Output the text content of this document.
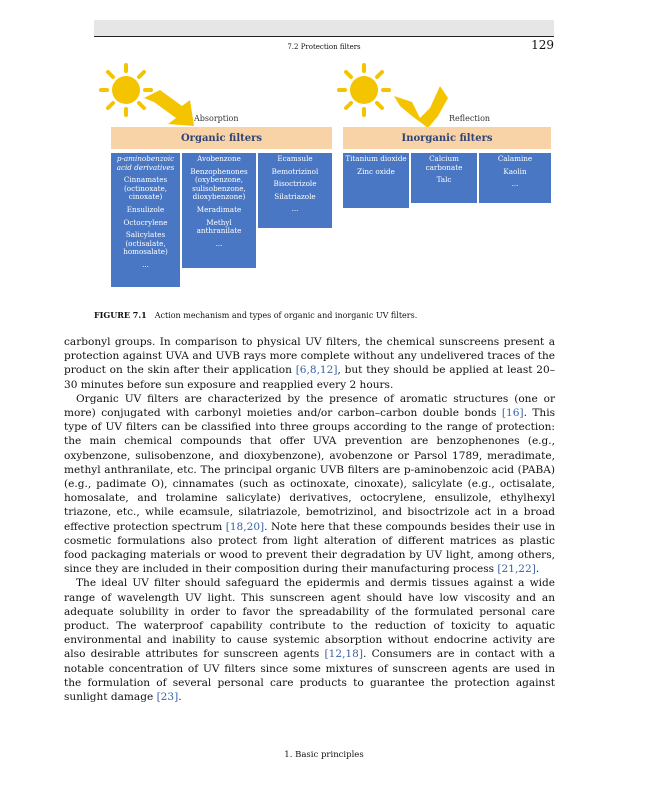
7.2 Protection filters	129
Absorption	Reflection
Organic filters	Inorganic filters
p-aminobenzoic acid derivatives
Cinnamates (octinoxate, cinoxate)
Ensulizole
Octocrylene
Salicylates (octisalate, homosalate)
...
Avobenzone
Benzophenones (oxybenzone, sulisobenzone, dioxybenzone)
Meradimate
Methyl anthranilate
...
Ecamsule
Bemotrizinol
Bisoctrizole
Silatriazole
...
Titanium dioxide
Zinc oxide
Calcium carbonate
Talc
Calamine
Kaolin
...
FIGURE 7.1 Action mechanism and types of organic and inorganic UV filters.

carbonyl groups. In comparison to physical UV filters, the chemical sunscreens present a protection against UVA and UVB rays more complete without any undelivered traces of the product on the skin after their application [6,8,12], but they should be applied at least 20–30 minutes before sun exposure and reapplied every 2 hours.

Organic UV filters are characterized by the presence of aromatic structures (one or more) conjugated with carbonyl moieties and/or carbon–carbon double bonds [16]. This type of UV filters can be classified into three groups according to the range of protection: the main chemical compounds that offer UVA prevention are benzophenones (e.g., oxybenzone, sulisobenzone, and dioxybenzone), avobenzone or Parsol 1789, meradimate, methyl anthranilate, etc. The principal organic UVB filters are p-aminobenzoic acid (PABA) (e.g., padimate O), cinnamates (such as octinoxate, cinoxate), salicylate (e.g., octisalate, homosalate, and trolamine salicylate) derivatives, octocrylene, ensulizole, ethylhexyl triazone, etc., while ecamsule, silatriazole, bemotrizinol, and bisoctrizole act in a broad effective protection spectrum [18,20]. Note here that these compounds besides their use in cosmetic formulations also protect from light alteration of different matrices as plastic food packaging materials or wood to prevent their degradation by UV light, among others, since they are included in their composition during their manufacturing process [21,22].

The ideal UV filter should safeguard the epidermis and dermis tissues against a wide range of wavelength UV light. This sunscreen agent should have low viscosity and an adequate solubility in order to favor the spreadability of the formulated personal care product. The waterproof capability contribute to the reduction of toxicity to aquatic environmental and inability to cause systemic absorption without endocrine activity are also desirable attributes for sunscreen agents [12,18]. Consumers are in contact with a notable concentration of UV filters since some mixtures of sunscreen agents are used in the formulation of several personal care products to guarantee the protection against sunlight damage [23].

1. Basic principles
